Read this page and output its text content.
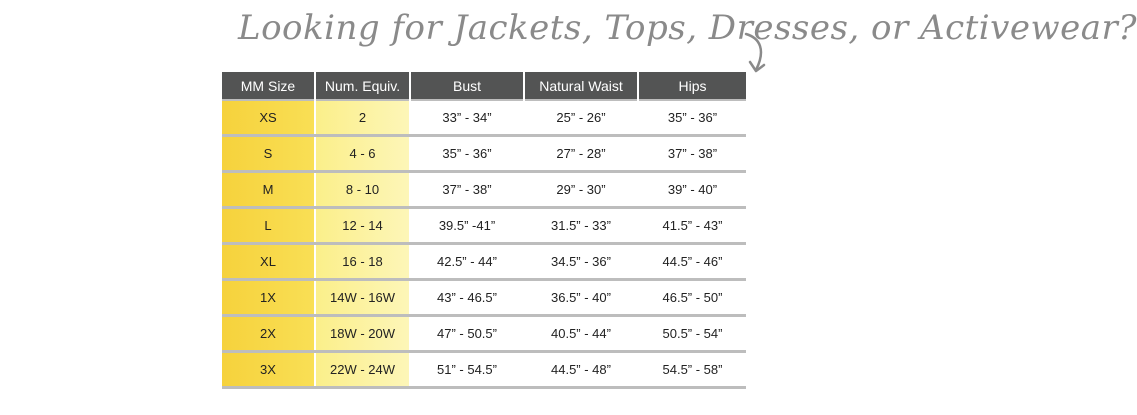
Looking for Jackets, Tops, Dresses, or Activewear?
MM Size	Num. Equiv.	Bust	Natural Waist	Hips
XS	2	33” - 34”	25” - 26”	35” - 36”
S	4 - 6	35” - 36”	27” - 28”	37” - 38”
M	8 - 10	37” - 38”	29” - 30”	39” - 40”
L	12 - 14	39.5” -41”	31.5” - 33”	41.5” - 43”
XL	16 - 18	42.5” - 44”	34.5” - 36”	44.5” - 46”
1X	14W - 16W	43” - 46.5”	36.5” - 40”	46.5” - 50”
2X	18W - 20W	47” - 50.5”	40.5” - 44”	50.5” - 54”
3X	22W - 24W	51” - 54.5”	44.5” - 48”	54.5” - 58”
